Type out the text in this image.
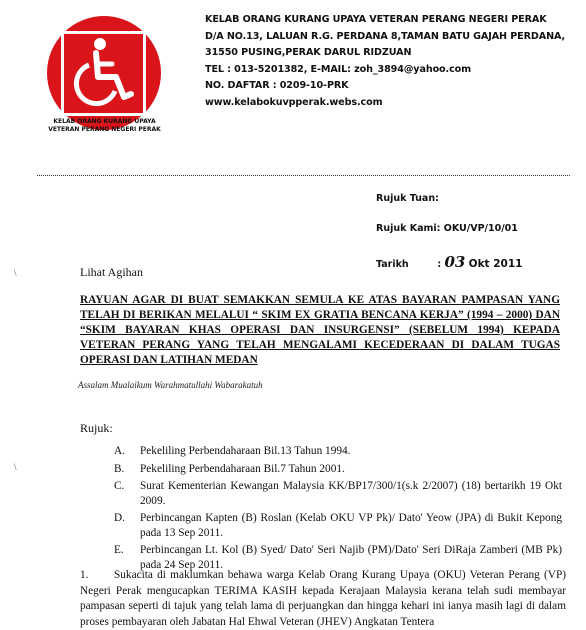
KELAB ORANG KURANG UPAYA
VETERAN PERANG NEGERI PERAK
KELAB ORANG KURANG UPAYA VETERAN PERANG NEGERI PERAK
D/A NO.13, LALUAN R.G. PERDANA 8,TAMAN BATU GAJAH PERDANA,
31550 PUSING,PERAK DARUL RIDZUAN
TEL : 013-5201382, E-MAIL: zoh_3894@yahoo.com
NO. DAFTAR : 0209-10-PRK
www.kelabokuvpperak.webs.com
Rujuk Tuan:
Rujuk Kami: OKU/VP/10/01
Tarikh	: 03 Okt 2011
\
\
Lihat Agihan
RAYUAN AGAR DI BUAT SEMAKKAN SEMULA KE ATAS BAYARAN PAMPASAN YANG TELAH DI BERIKAN MELALUI “ SKIM EX GRATIA BENCANA KERJA” (1994 – 2000) DAN “SKIM BAYARAN KHAS OPERASI DAN INSURGENSI” (SEBELUM 1994) KEPADA VETERAN PERANG YANG TELAH MENGALAMI KECEDERAAN DI DALAM TUGAS OPERASI DAN LATIHAN MEDAN
Assalam Mualaikum Warahmatullahi Wabarakatuh
Rujuk:
A. Pekeliling Perbendaharaan Bil.13 Tahun 1994.
B. Pekeliling Perbendaharaan Bil.7 Tahun 2001.
C. Surat Kementerian Kewangan Malaysia KK/BP17/300/1(s.k 2/2007) (18) bertarikh 19 Okt 2009.
D. Perbincangan Kapten (B) Roslan (Kelab OKU VP Pk)/ Dato' Yeow (JPA) di Bukit Kepong pada 13 Sep 2011.
E. Perbincangan Lt. Kol (B) Syed/ Dato' Seri Najib (PM)/Dato' Seri DiRaja Zamberi (MB Pk) pada 24 Sep 2011.
1.	Sukacita di maklumkan behawa warga Kelab Orang Kurang Upaya (OKU) Veteran Perang (VP) Negeri Perak mengucapkan TERIMA KASIH kepada Kerajaan Malaysia kerana telah sudi membayar pampasan seperti di tajuk yang telah lama di perjuangkan dan hingga kehari ini ianya masih lagi di dalam proses pembayaran oleh Jabatan Hal Ehwal Veteran (JHEV) Angkatan Tentera
